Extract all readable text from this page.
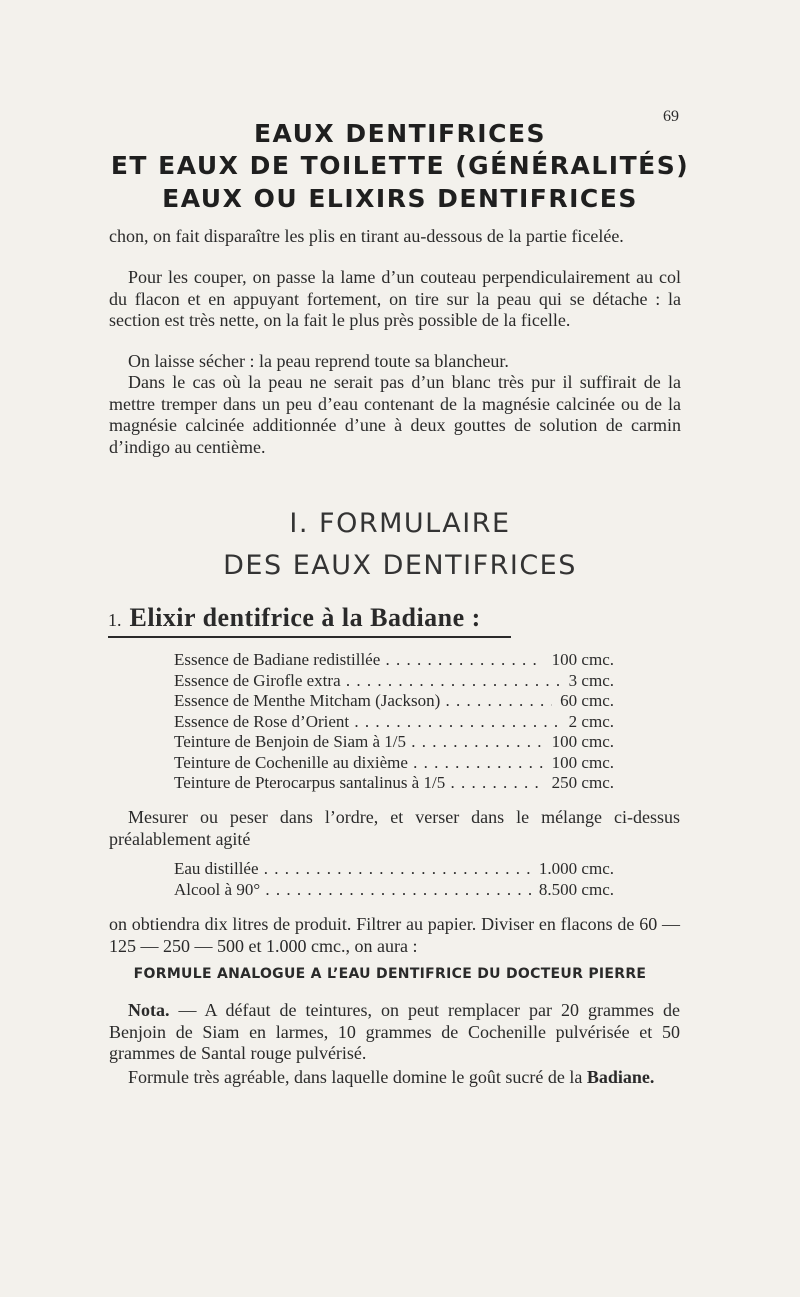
69
EAUX DENTIFRICES
ET EAUX DE TOILETTE (GÉNÉRALITÉS)
EAUX OU ELIXIRS DENTIFRICES

chon, on fait disparaître les plis en tirant au-dessous de la partie ficelée.

Pour les couper, on passe la lame d’un couteau perpendiculairement au col du flacon et en appuyant fortement, on tire sur la peau qui se détache : la section est très nette, on la fait le plus près possible de la ficelle.

On laisse sécher : la peau reprend toute sa blancheur.

Dans le cas où la peau ne serait pas d’un blanc très pur il suffirait de la mettre tremper dans un peu d’eau contenant de la magnésie calcinée ou de la magnésie calcinée additionnée d’une à deux gouttes de solution de carmin d’indigo au centième.

I. FORMULAIRE
DES EAUX DENTIFRICES
1. Elixir dentifrice à la Badiane :
Essence de Badiane redistillée . . .	100 cmc.
Essence de Girofle extra . . .	3 cmc.
Essence de Menthe Mitcham (Jackson) . . .	60 cmc.
Essence de Rose d’Orient . . .	2 cmc.
Teinture de Benjoin de Siam à 1/5 . . .	100 cmc.
Teinture de Cochenille au dixième . . .	100 cmc.
Teinture de Pterocarpus santalinus à 1/5 . . .	250 cmc.

Mesurer ou peser dans l’ordre, et verser dans le mélange ci-dessus préalablement agité

Eau distillée . . .	1.000 cmc.
Alcool à 90° . . .	8.500 cmc.

on obtiendra dix litres de produit. Filtrer au papier. Diviser en flacons de 60 — 125 — 250 — 500 et 1.000 cmc., on aura :

FORMULE ANALOGUE A L’EAU DENTIFRICE DU DOCTEUR PIERRE

Nota. — A défaut de teintures, on peut remplacer par 20 grammes de Benjoin de Siam en larmes, 10 grammes de Cochenille pulvérisée et 50 grammes de Santal rouge pulvérisé.

Formule très agréable, dans laquelle domine le goût sucré de la Badiane.
